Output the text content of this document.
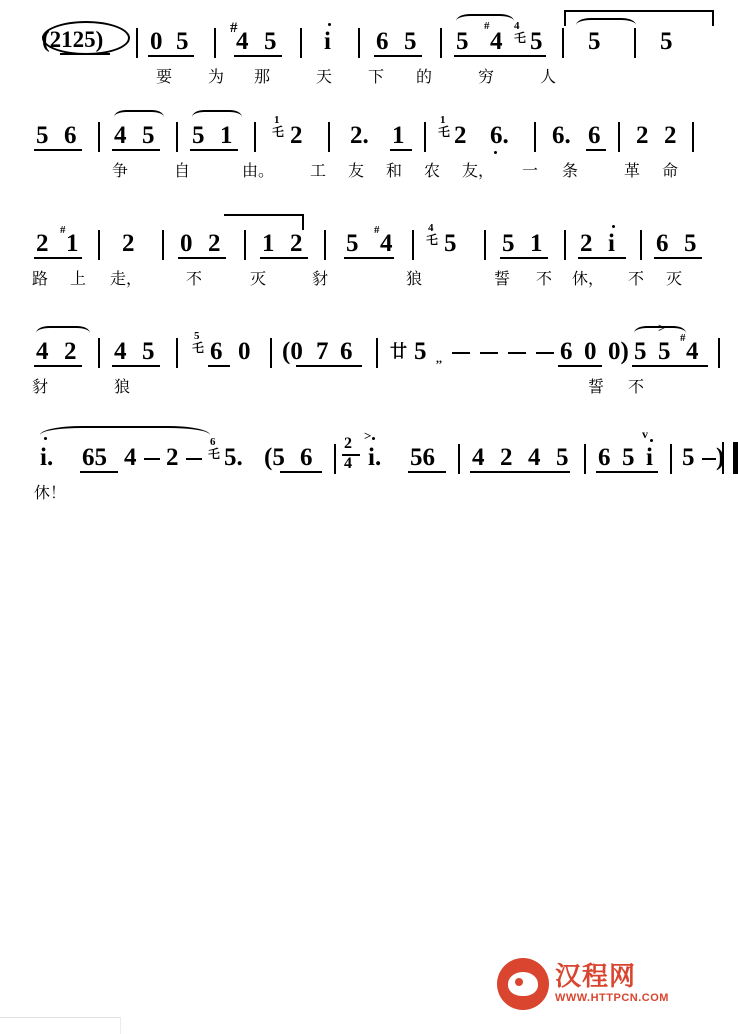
(2125) 0 5	#
4 5 i 6 5 5
#
4
4
乇 5 5 5
要 为 那	天 下 的	穷	人
5 6 4 5 5 1
1
乇 2 2. 1
1
乇 2 6. 6. 6 2 2
争	自	由。 工 友 和 农 友， 一 条	革 命
2 # 1 2 0 2 1 2 5 # 4
4
乇 5 5 1 2 i 6 5
路 上 走，	不	灭	豺	狼	誓 不 休， 不 灭
4 2 4 5
5
乇 6 0 (0 7 6 廿 5 ,,	6 0 0) 5 5 # 4
>
豺	狼	誓 不
i. 65 4 2
6
乇 5. (5 6
2
4
>
i. 56 4 2 4 5 6 5 i
v
5 )
休！
汉程网
WWW.HTTPCN.COM
